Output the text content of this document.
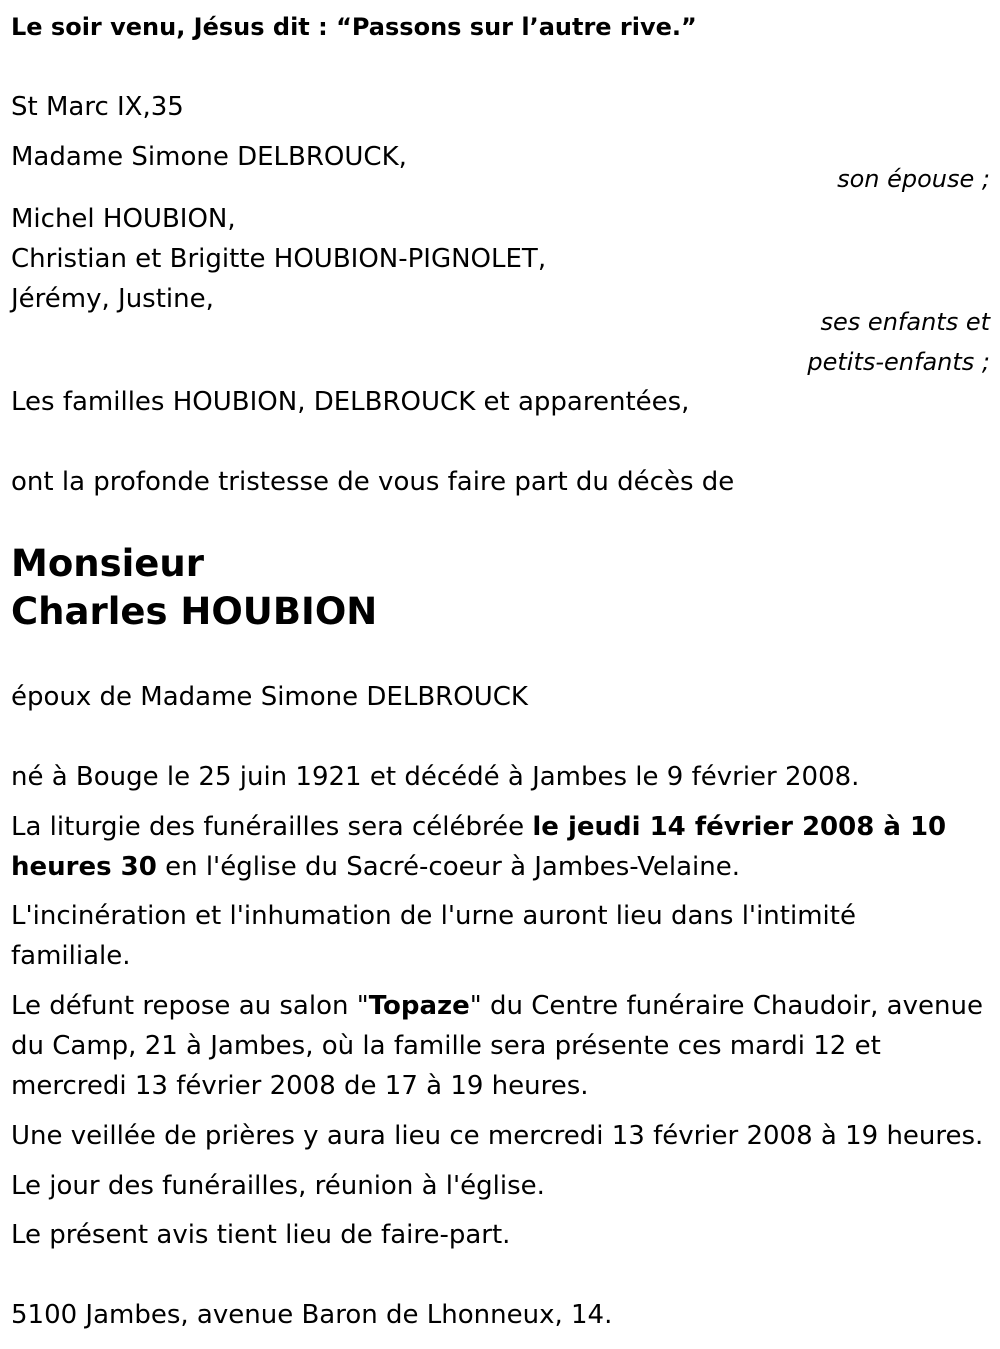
Le soir venu, Jésus dit : “Passons sur l’autre rive.”
St Marc IX,35
Madame Simone DELBROUCK,
son épouse ;
Michel HOUBION,
Christian et Brigitte HOUBION-PIGNOLET,
Jérémy, Justine,
ses enfants et
petits-enfants ;
Les familles HOUBION, DELBROUCK et apparentées,
ont la profonde tristesse de vous faire part du décès de
Monsieur
Charles HOUBION
époux de Madame Simone DELBROUCK
né à Bouge le 25 juin 1921 et décédé à Jambes le 9 février 2008.
La liturgie des funérailles sera célébrée le jeudi 14 février 2008 à 10
heures 30 en l'église du Sacré-coeur à Jambes-Velaine.
L'incinération et l'inhumation de l'urne auront lieu dans l'intimité
familiale.
Le défunt repose au salon "Topaze" du Centre funéraire Chaudoir, avenue
du Camp, 21 à Jambes, où la famille sera présente ces mardi 12 et
mercredi 13 février 2008 de 17 à 19 heures.
Une veillée de prières y aura lieu ce mercredi 13 février 2008 à 19 heures.
Le jour des funérailles, réunion à l'église.
Le présent avis tient lieu de faire-part.
5100 Jambes, avenue Baron de Lhonneux, 14.
